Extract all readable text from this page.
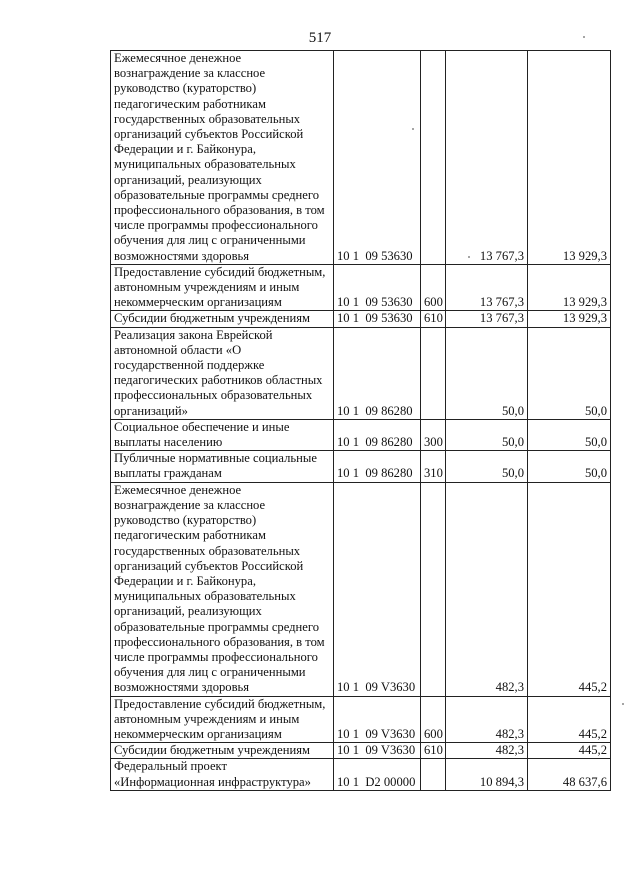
517
Ежемесячное денежное вознаграждение за классное руководство (кураторство) педагогическим работникам государственных образовательных организаций субъектов Российской Федерации и г. Байконура, муниципальных образовательных организаций, реализующих образовательные программы среднего профессионального образования, в том числе программы профессионального обучения для лиц с ограниченными возможностями здоровья	10 1  09 53630		13 767,3	13 929,3
Предоставление субсидий бюджетным, автономным учреждениям и иным некоммерческим организациям	10 1  09 53630	600	13 767,3	13 929,3
Субсидии бюджетным учреждениям	10 1  09 53630	610	13 767,3	13 929,3
Реализация закона Еврейской автономной области «О государственной поддержке педагогических работников областных профессиональных образовательных организаций»	10 1  09 86280		50,0	50,0
Социальное обеспечение и иные выплаты населению	10 1  09 86280	300	50,0	50,0
Публичные нормативные социальные выплаты гражданам	10 1  09 86280	310	50,0	50,0
Ежемесячное денежное вознаграждение за классное руководство (кураторство) педагогическим работникам государственных образовательных организаций субъектов Российской Федерации и г. Байконура, муниципальных образовательных организаций, реализующих образовательные программы среднего профессионального образования, в том числе программы профессионального обучения для лиц с ограниченными возможностями здоровья	10 1  09 V3630		482,3	445,2
Предоставление субсидий бюджетным, автономным учреждениям и иным некоммерческим организациям	10 1  09 V3630	600	482,3	445,2
Субсидии бюджетным учреждениям	10 1  09 V3630	610	482,3	445,2
Федеральный проект «Информационная инфраструктура»	10 1  D2 00000		10 894,3	48 637,6
